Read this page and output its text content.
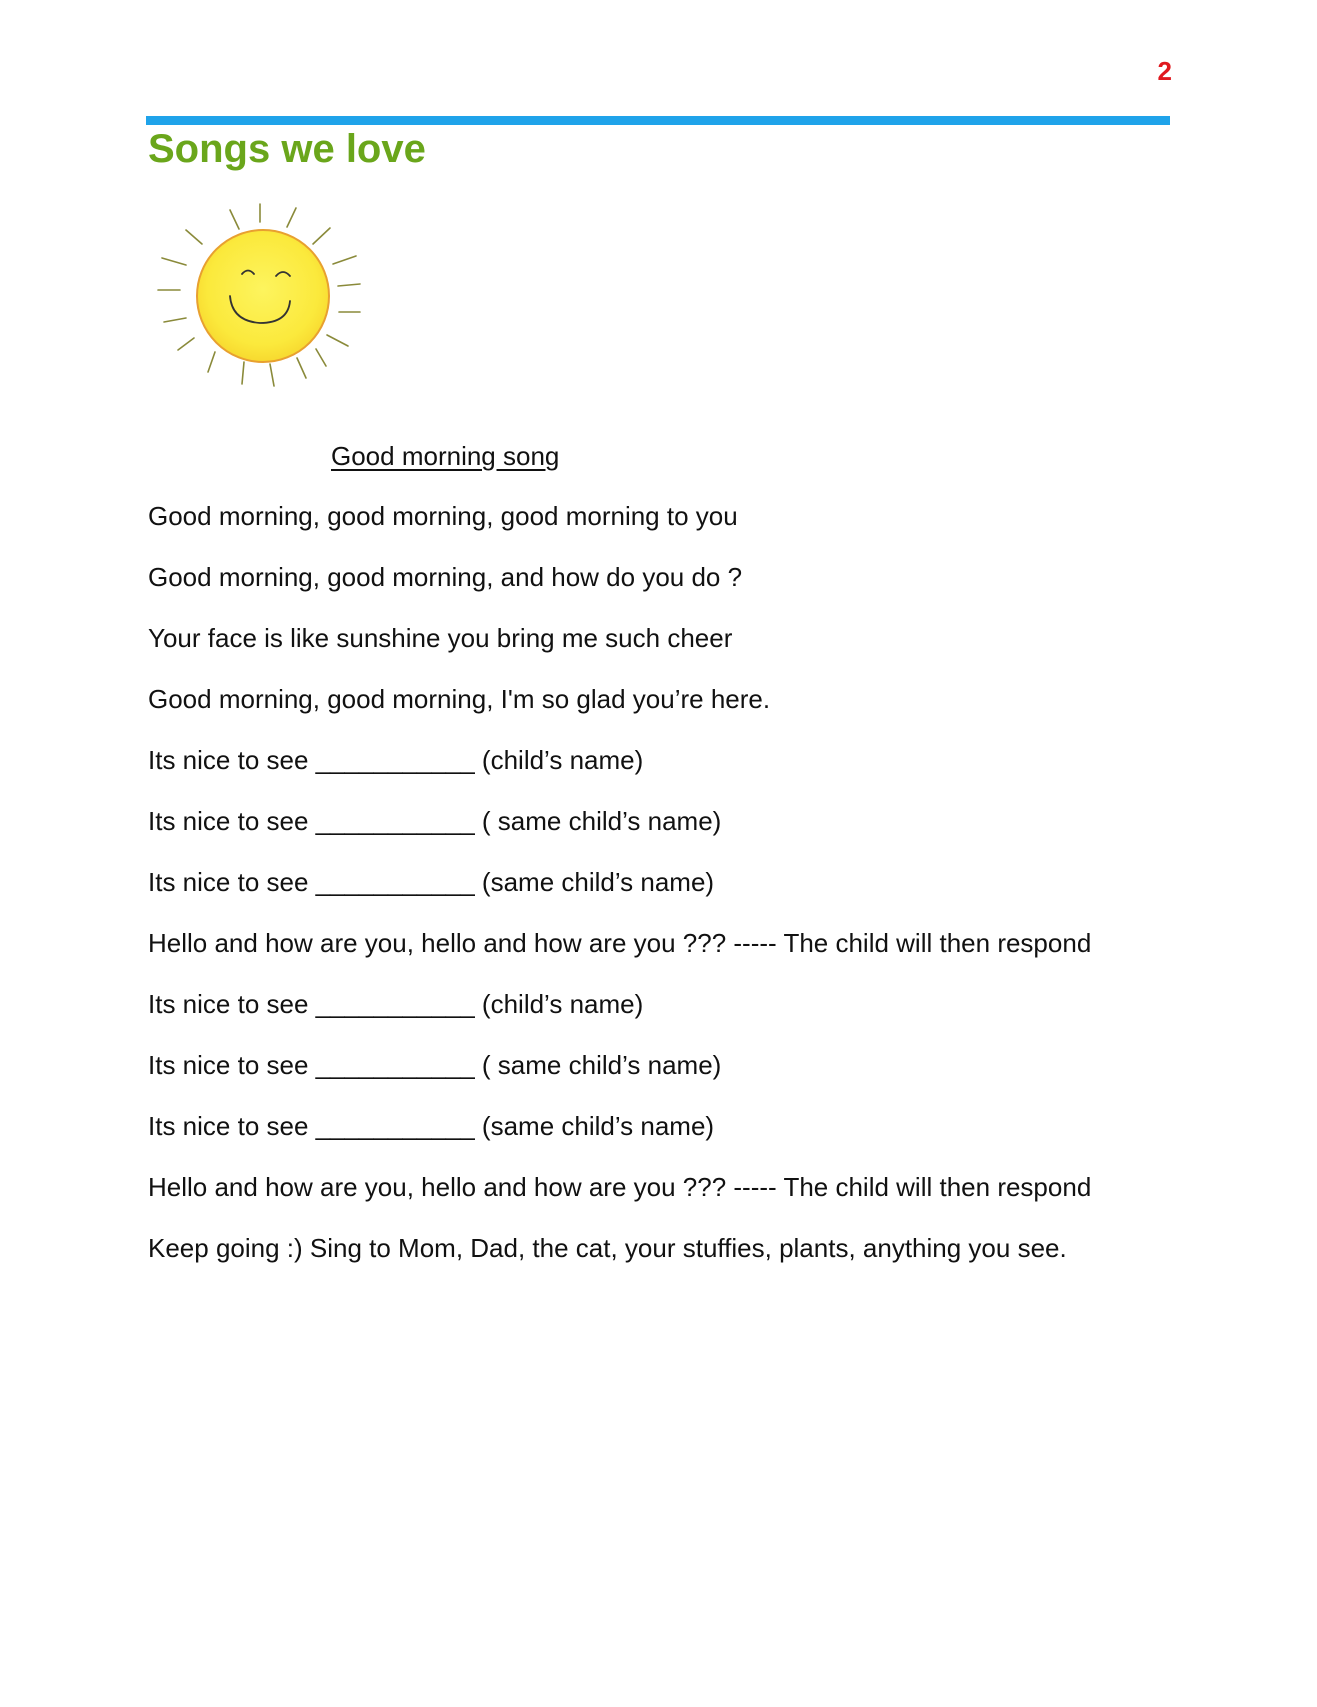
2
Songs we love
Good morning song
Good morning, good morning, good morning to you
Good morning, good morning, and how do you do ?
Your face is like sunshine you bring me such cheer
Good morning, good morning, I'm so glad you’re here.
Its nice to see ___________ (child’s name)
Its nice to see ___________ ( same child’s name)
Its nice to see ___________ (same child’s name)
Hello and how are you, hello and how are you ??? ----- The child will then respond
Its nice to see ___________ (child’s name)
Its nice to see ___________ ( same child’s name)
Its nice to see ___________ (same child’s name)
Hello and how are you, hello and how are you ??? ----- The child will then respond
Keep going :) Sing to Mom, Dad, the cat, your stuffies, plants, anything you see.
